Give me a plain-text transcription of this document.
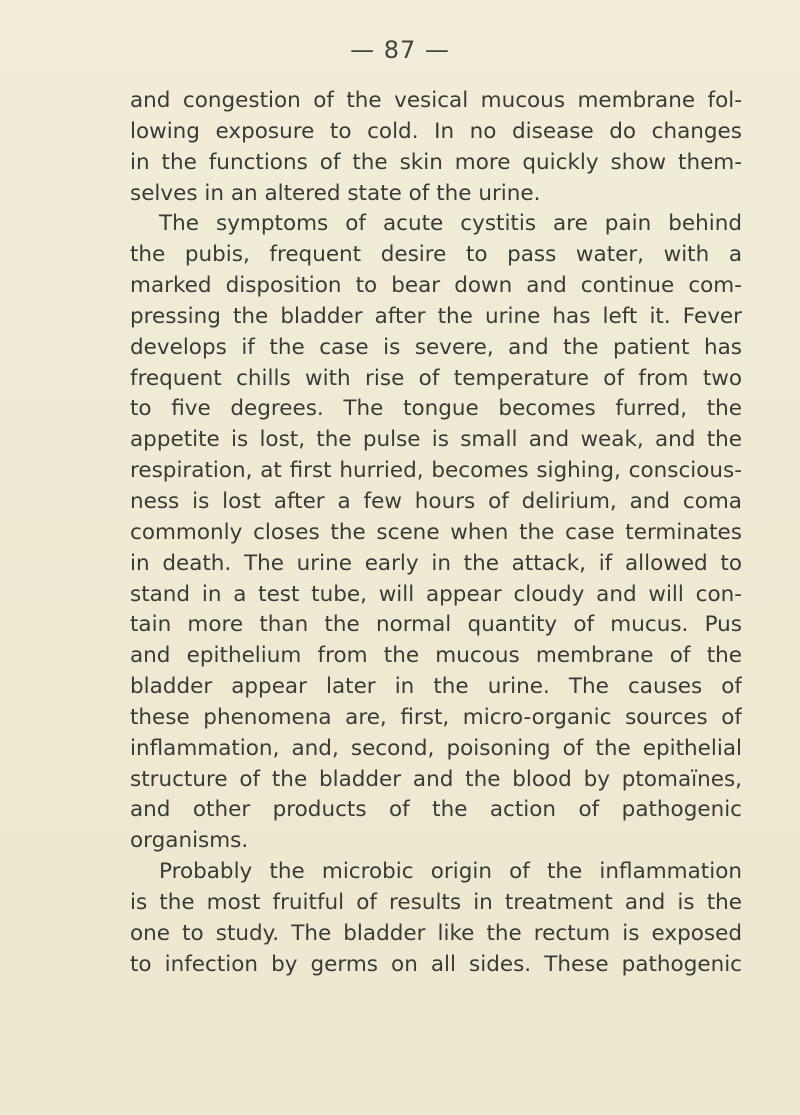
— 87 —
and congestion of the vesical mucous membrane fol-
lowing exposure to cold. In no disease do changes
in the functions of the skin more quickly show them-
selves in an altered state of the urine.
The symptoms of acute cystitis are pain behind
the pubis, frequent desire to pass water, with a
marked disposition to bear down and continue com-
pressing the bladder after the urine has left it. Fever
develops if the case is severe, and the patient has
frequent chills with rise of temperature of from two
to five degrees. The tongue becomes furred, the
appetite is lost, the pulse is small and weak, and the
respiration, at first hurried, becomes sighing, conscious-
ness is lost after a few hours of delirium, and coma
commonly closes the scene when the case terminates
in death. The urine early in the attack, if allowed to
stand in a test tube, will appear cloudy and will con-
tain more than the normal quantity of mucus. Pus
and epithelium from the mucous membrane of the
bladder appear later in the urine. The causes of
these phenomena are, first, micro-organic sources of
inflammation, and, second, poisoning of the epithelial
structure of the bladder and the blood by ptomaïnes,
and other products of the action of pathogenic
organisms.
Probably the microbic origin of the inflammation
is the most fruitful of results in treatment and is the
one to study. The bladder like the rectum is exposed
to infection by germs on all sides. These pathogenic
